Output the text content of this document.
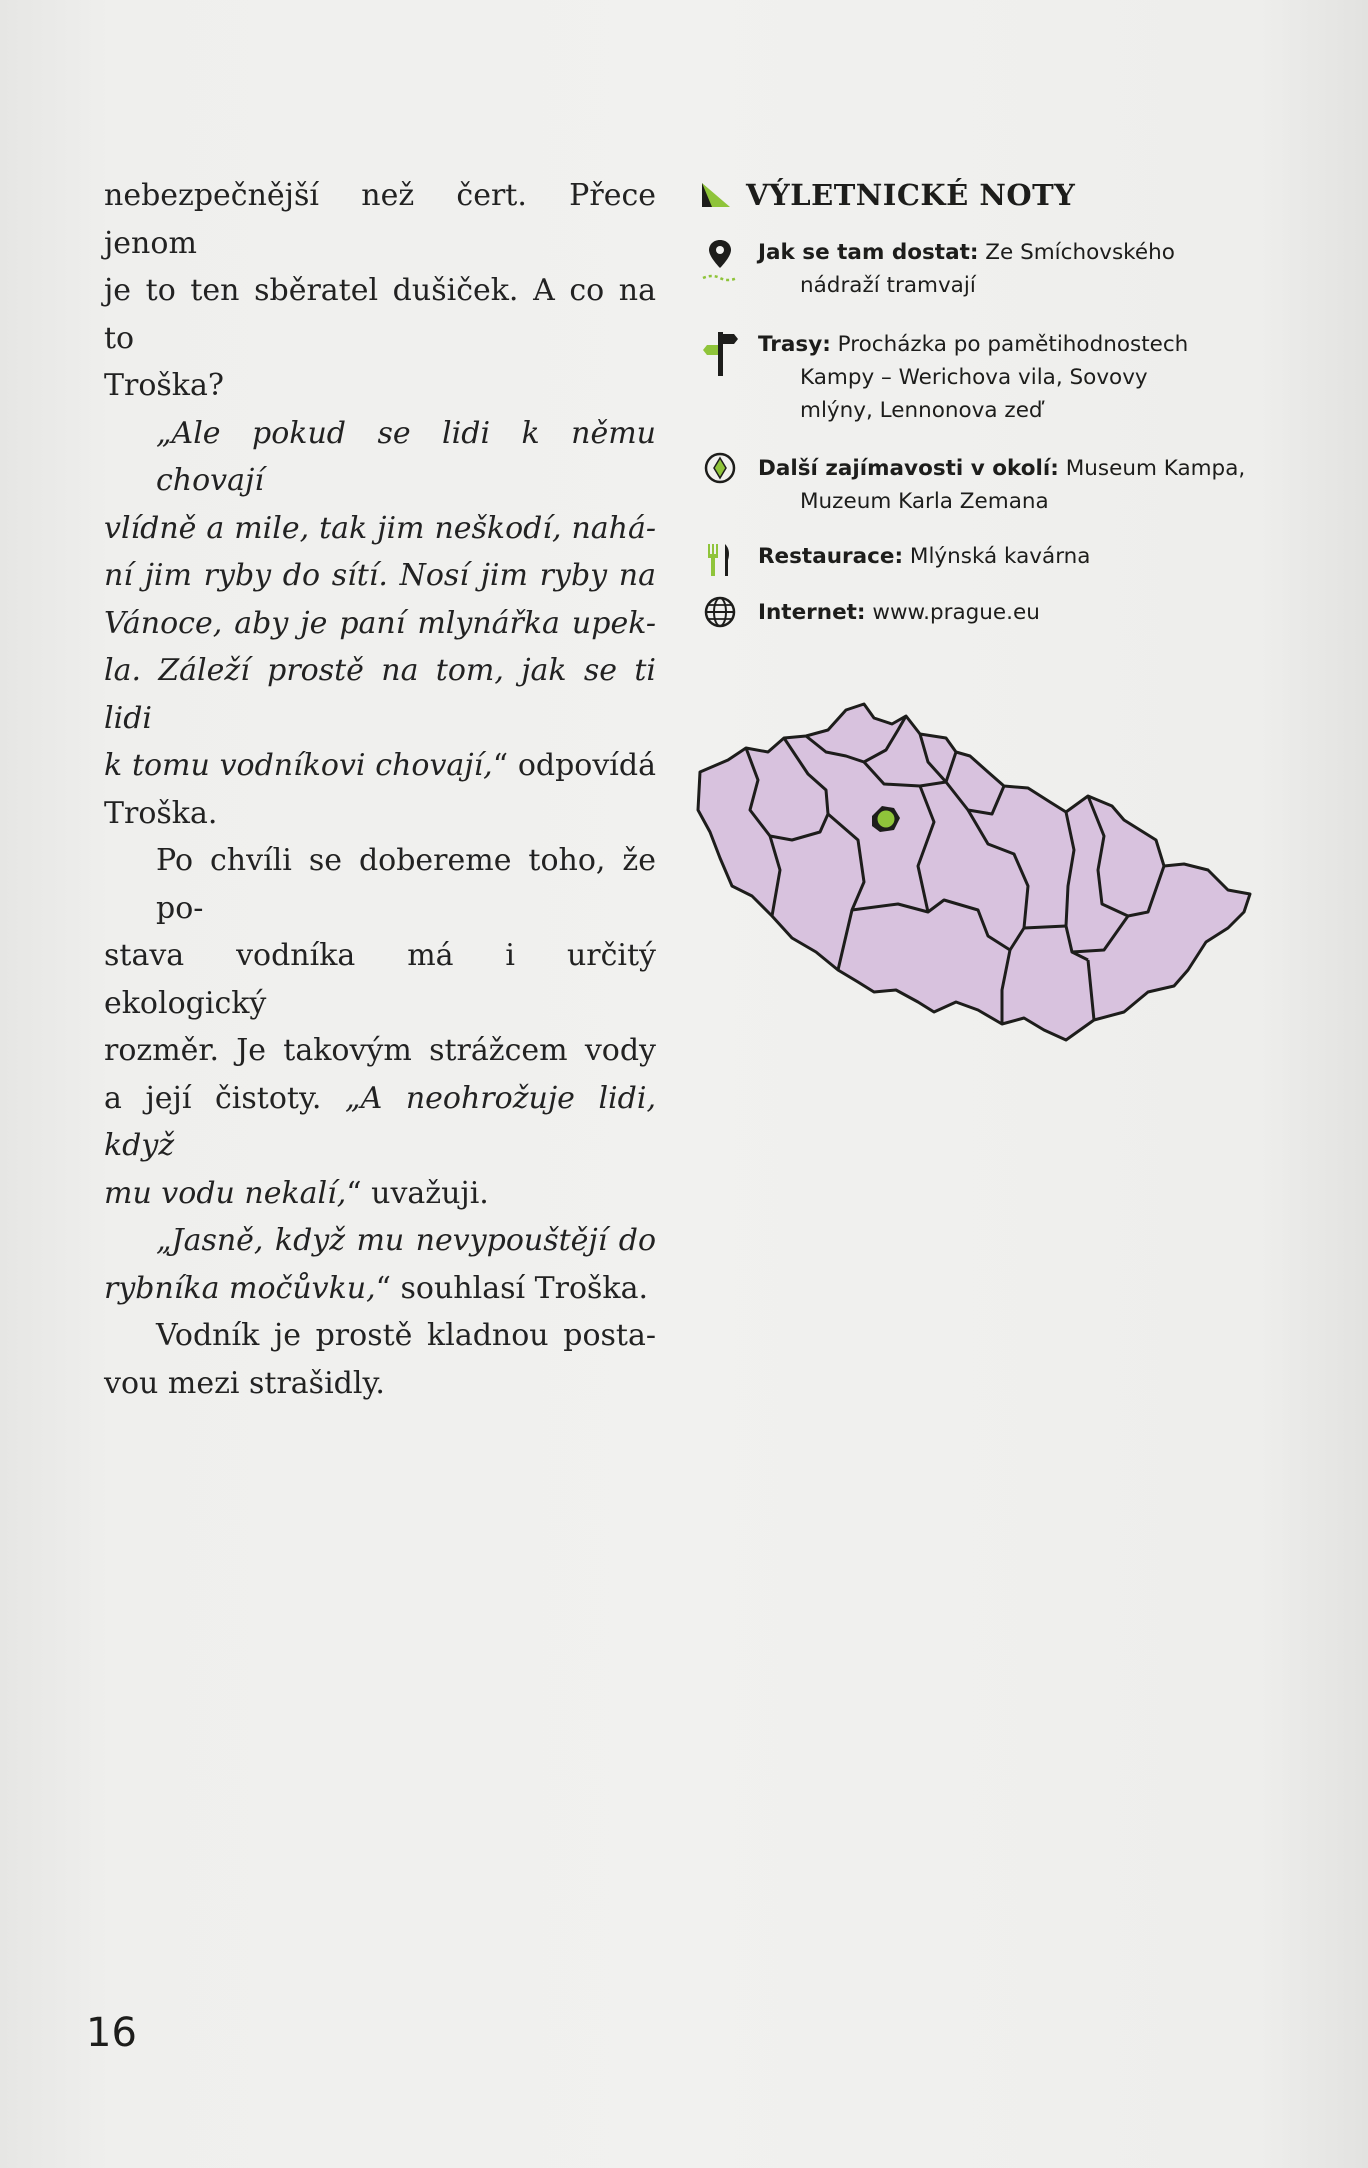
nebezpečnější než čert. Přece jenom
je to ten sběratel dušiček. A co na to
Troška?

„Ale pokud se lidi k němu chovají
vlídně a mile, tak jim neškodí, nahá-
ní jim ryby do sítí. Nosí jim ryby na
Vánoce, aby je paní mlynářka upek-
la. Záleží prostě na tom, jak se ti lidi
k tomu vodníkovi chovají,“ odpovídá
Troška.

Po chvíli se dobereme toho, že po-
stava vodníka má i určitý ekologický
rozměr. Je takovým strážcem vody
a její čistoty. „A neohrožuje lidi, když
mu vodu nekalí,“ uvažuji.

„Jasně, když mu nevypouštějí do
rybníka močůvku,“ souhlasí Troška.

Vodník je prostě kladnou posta-
vou mezi strašidly.

VÝLETNICKÉ NOTY
Jak se tam dostat: Ze Smíchovského
nádraží tramvají
Trasy: Procházka po pamětihodnostech
Kampy – Werichova vila, Sovovy
mlýny, Lennonova zeď
Další zajímavosti v okolí: Museum Kampa,
Muzeum Karla Zemana
Restaurace: Mlýnská kavárna
Internet: www.prague.eu
16
